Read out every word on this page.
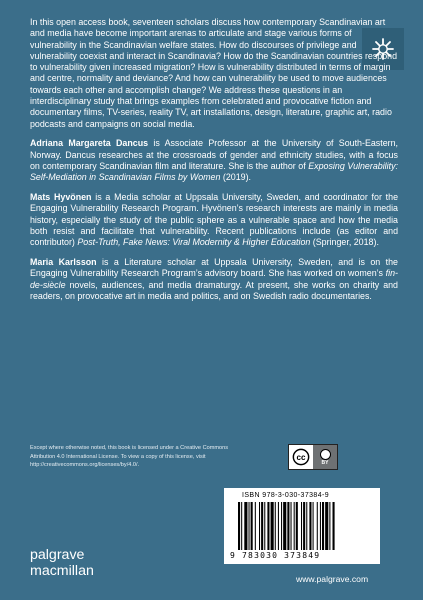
In this open access book, seventeen scholars discuss how contemporary Scandinavian art and media have become important arenas to articulate and stage various forms of vulnerability in the Scandinavian welfare states. How do discourses of privilege and vulnerability coexist and interact in Scandinavia? How do the Scandinavian countries respond to vulnerability given increased migration? How is vulnerability distributed in terms of margin and centre, normality and deviance? And how can vulnerability be used to move audiences towards each other and accomplish change? We address these questions in an interdisciplinary study that brings examples from celebrated and provocative fiction and documentary films, TV-series, reality TV, art installations, design, literature, graphic art, radio podcasts and campaigns on social media.

Adriana Margareta Dancus is Associate Professor at the University of South-Eastern, Norway. Dancus researches at the crossroads of gender and ethnicity studies, with a focus on contemporary Scandinavian film and literature. She is the author of Exposing Vulnerability: Self-Mediation in Scandinavian Films by Women (2019).

Mats Hyvönen is a Media scholar at Uppsala University, Sweden, and coordinator for the Engaging Vulnerability Research Program. Hyvönen’s research interests are mainly in media history, especially the study of the public sphere as a vulnerable space and how the media both resist and facilitate that vulnerability. Recent publications include (as editor and contributor) Post-Truth, Fake News: Viral Modernity & Higher Education (Springer, 2018).

Maria Karlsson is a Literature scholar at Uppsala University, Sweden, and is on the Engaging Vulnerability Research Program’s advisory board. She has worked on women’s fin-de-siècle novels, audiences, and media dramaturgy. At present, she works on charity and readers, on provocative art in media and politics, and on Swedish radio documentaries.

Except where otherwise noted, this book is licensed under a Creative Commons Attribution 4.0 International License. To view a copy of this license, visit http://creativecommons.org/licenses/by/4.0/.
cc
BY
ISBN 978-3-030-37384-9
9 783030 373849
palgrave
macmillan	www.palgrave.com
